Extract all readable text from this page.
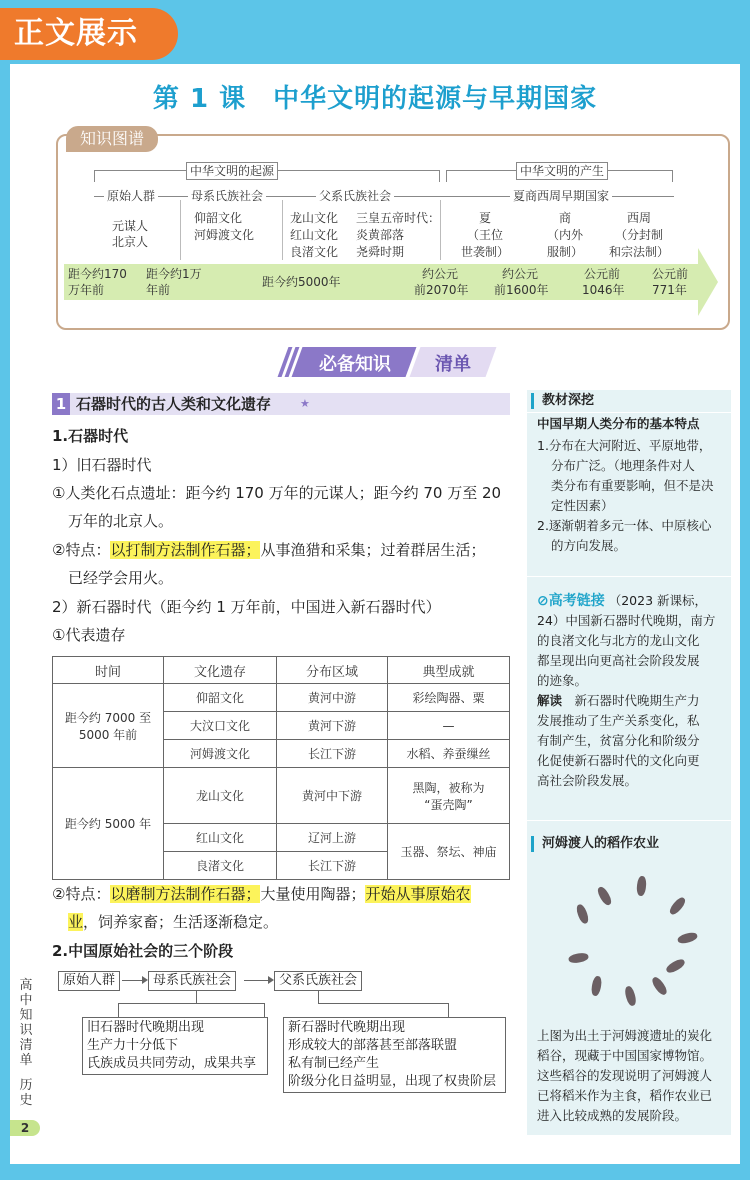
正文展示
第 1 课　中华文明的起源与早期国家
知识图谱
中华文明的起源	中华文明的产生
原始人群	母系氏族社会	父系氏族社会	夏商西周早期国家
元谋人
北京人
仰韶文化
河姆渡文化
龙山文化
红山文化
良渚文化
三皇五帝时代：
炎黄部落
尧舜时期
夏
（王位
世袭制）
商
（内外
服制）
西周
（分封制
和宗法制）
距今约170
万年前
距今约1万
年前
距今约5000年
约公元
前2070年
约公元
前1600年
公元前
1046年
公元前
771年
必备知识	清单
1 石器时代的古人类和文化遗存	★
1.石器时代
1）旧石器时代
①人类化石点遗址：距今约 170 万年的元谋人；距今约 70 万至 20
万年的北京人。
②特点：以打制方法制作石器；从事渔猎和采集；过着群居生活；
已经学会用火。
2）新石器时代（距今约 1 万年前，中国进入新石器时代）
①代表遗存
时间	文化遗存	分布区域	典型成就

距今约 7000 至
5000 年前	仰韶文化	黄河中游	彩绘陶器、粟
	大汶口文化	黄河下游	—
	河姆渡文化	长江下游	水稻、养蚕缫丝
距今约 5000 年	龙山文化	黄河中下游	黑陶，被称为
“蛋壳陶”

	红山文化	辽河上游	玉器、祭坛、神庙
	良渚文化	长江下游	
②特点：以磨制方法制作石器；大量使用陶器；开始从事原始农
业，饲养家畜；生活逐渐稳定。
2.中国原始社会的三个阶段
原始人群	母系氏族社会	父系氏族社会
旧石器时代晚期出现
生产力十分低下
氏族成员共同劳动，成果共享
新石器时代晚期出现
形成较大的部落甚至部落联盟
私有制已经产生
阶级分化日益明显，出现了权贵阶层
高
中
知
识
清
单
历
史
2
教材深挖
中国早期人类分布的基本特点
1.分布在大河附近、平原地带，
分布广泛。（地理条件对人
类分布有重要影响，但不是决
定性因素）
2.逐渐朝着多元一体、中原核心
的方向发展。
⊘高考链接 （2023 新课标，
24）中国新石器时代晚期，南方
的良渚文化与北方的龙山文化
都呈现出向更高社会阶段发展
的迹象。
解读　 新石器时代晚期生产力
发展推动了生产关系变化，私
有制产生，贫富分化和阶级分
化促使新石器时代的文化向更
高社会阶段发展。
河姆渡人的稻作农业
上图为出土于河姆渡遗址的炭化
稻谷，现藏于中国国家博物馆。
这些稻谷的发现说明了河姆渡人
已将稻米作为主食，稻作农业已
进入比较成熟的发展阶段。
